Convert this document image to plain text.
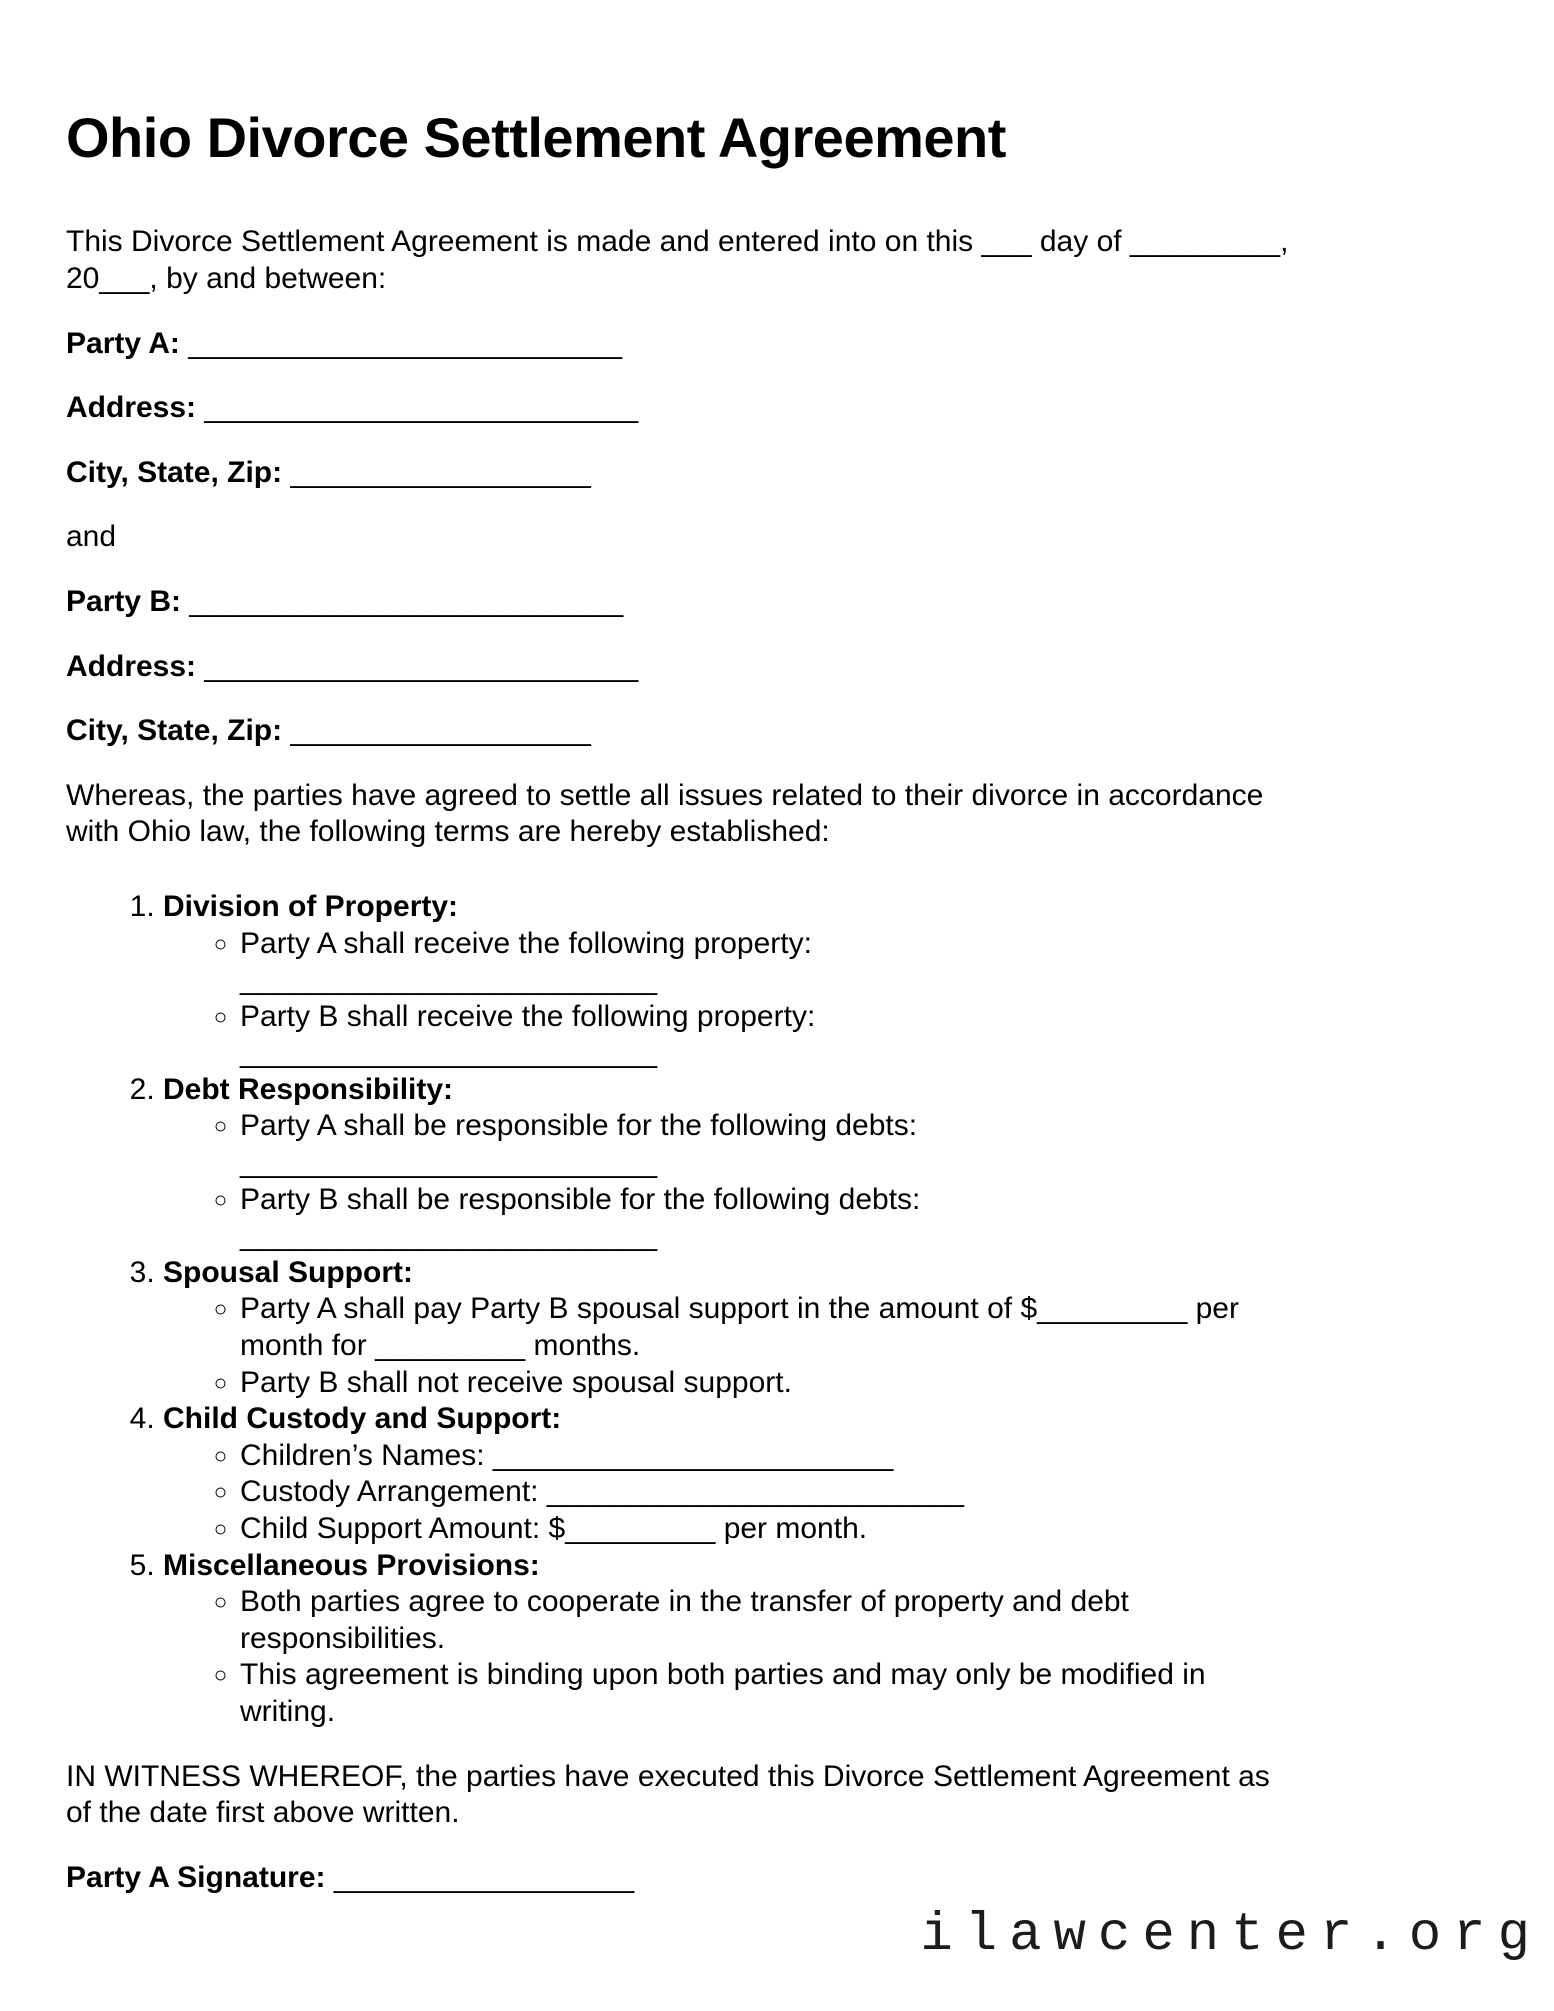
Ohio Divorce Settlement Agreement

This Divorce Settlement Agreement is made and entered into on this ___ day of _________,
20___, by and between:

Party A: __________________________

Address: __________________________

City, State, Zip: __________________

and

Party B: __________________________

Address: __________________________

City, State, Zip: __________________

Whereas, the parties have agreed to settle all issues related to their divorce in accordance
with Ohio law, the following terms are hereby established:

1. Division of Property:
◦ Party A shall receive the following property:
_________________________
◦ Party B shall receive the following property:
_________________________
2. Debt Responsibility:
◦ Party A shall be responsible for the following debts:
_________________________
◦ Party B shall be responsible for the following debts:
_________________________
3. Spousal Support:
◦ Party A shall pay Party B spousal support in the amount of $_________ per
month for _________ months.
◦ Party B shall not receive spousal support.
4. Child Custody and Support:
◦ Children’s Names: ________________________
◦ Custody Arrangement: _________________________
◦ Child Support Amount: $_________ per month.
5. Miscellaneous Provisions:
◦ Both parties agree to cooperate in the transfer of property and debt
responsibilities.
◦ This agreement is binding upon both parties and may only be modified in
writing.

IN WITNESS WHEREOF, the parties have executed this Divorce Settlement Agreement as
of the date first above written.

Party A Signature: __________________

ilawcenter.org
